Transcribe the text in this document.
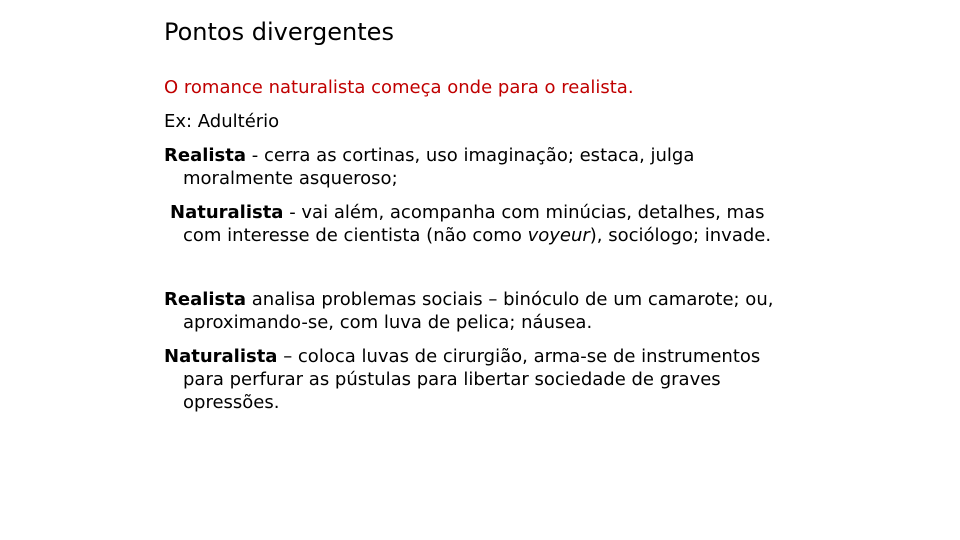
Pontos divergentes

O romance naturalista começa onde para o realista.

Ex: Adultério

Realista - cerra as cortinas, uso imaginação; estaca, julga moralmente asqueroso;

Naturalista - vai além, acompanha com minúcias, detalhes, mas com interesse de cientista (não como voyeur), sociólogo; invade.

Realista analisa problemas sociais – binóculo de um camarote; ou, aproximando-se, com luva de pelica; náusea.

Naturalista – coloca luvas de cirurgião, arma-se de instrumentos para perfurar as pústulas para libertar sociedade de graves opressões.
